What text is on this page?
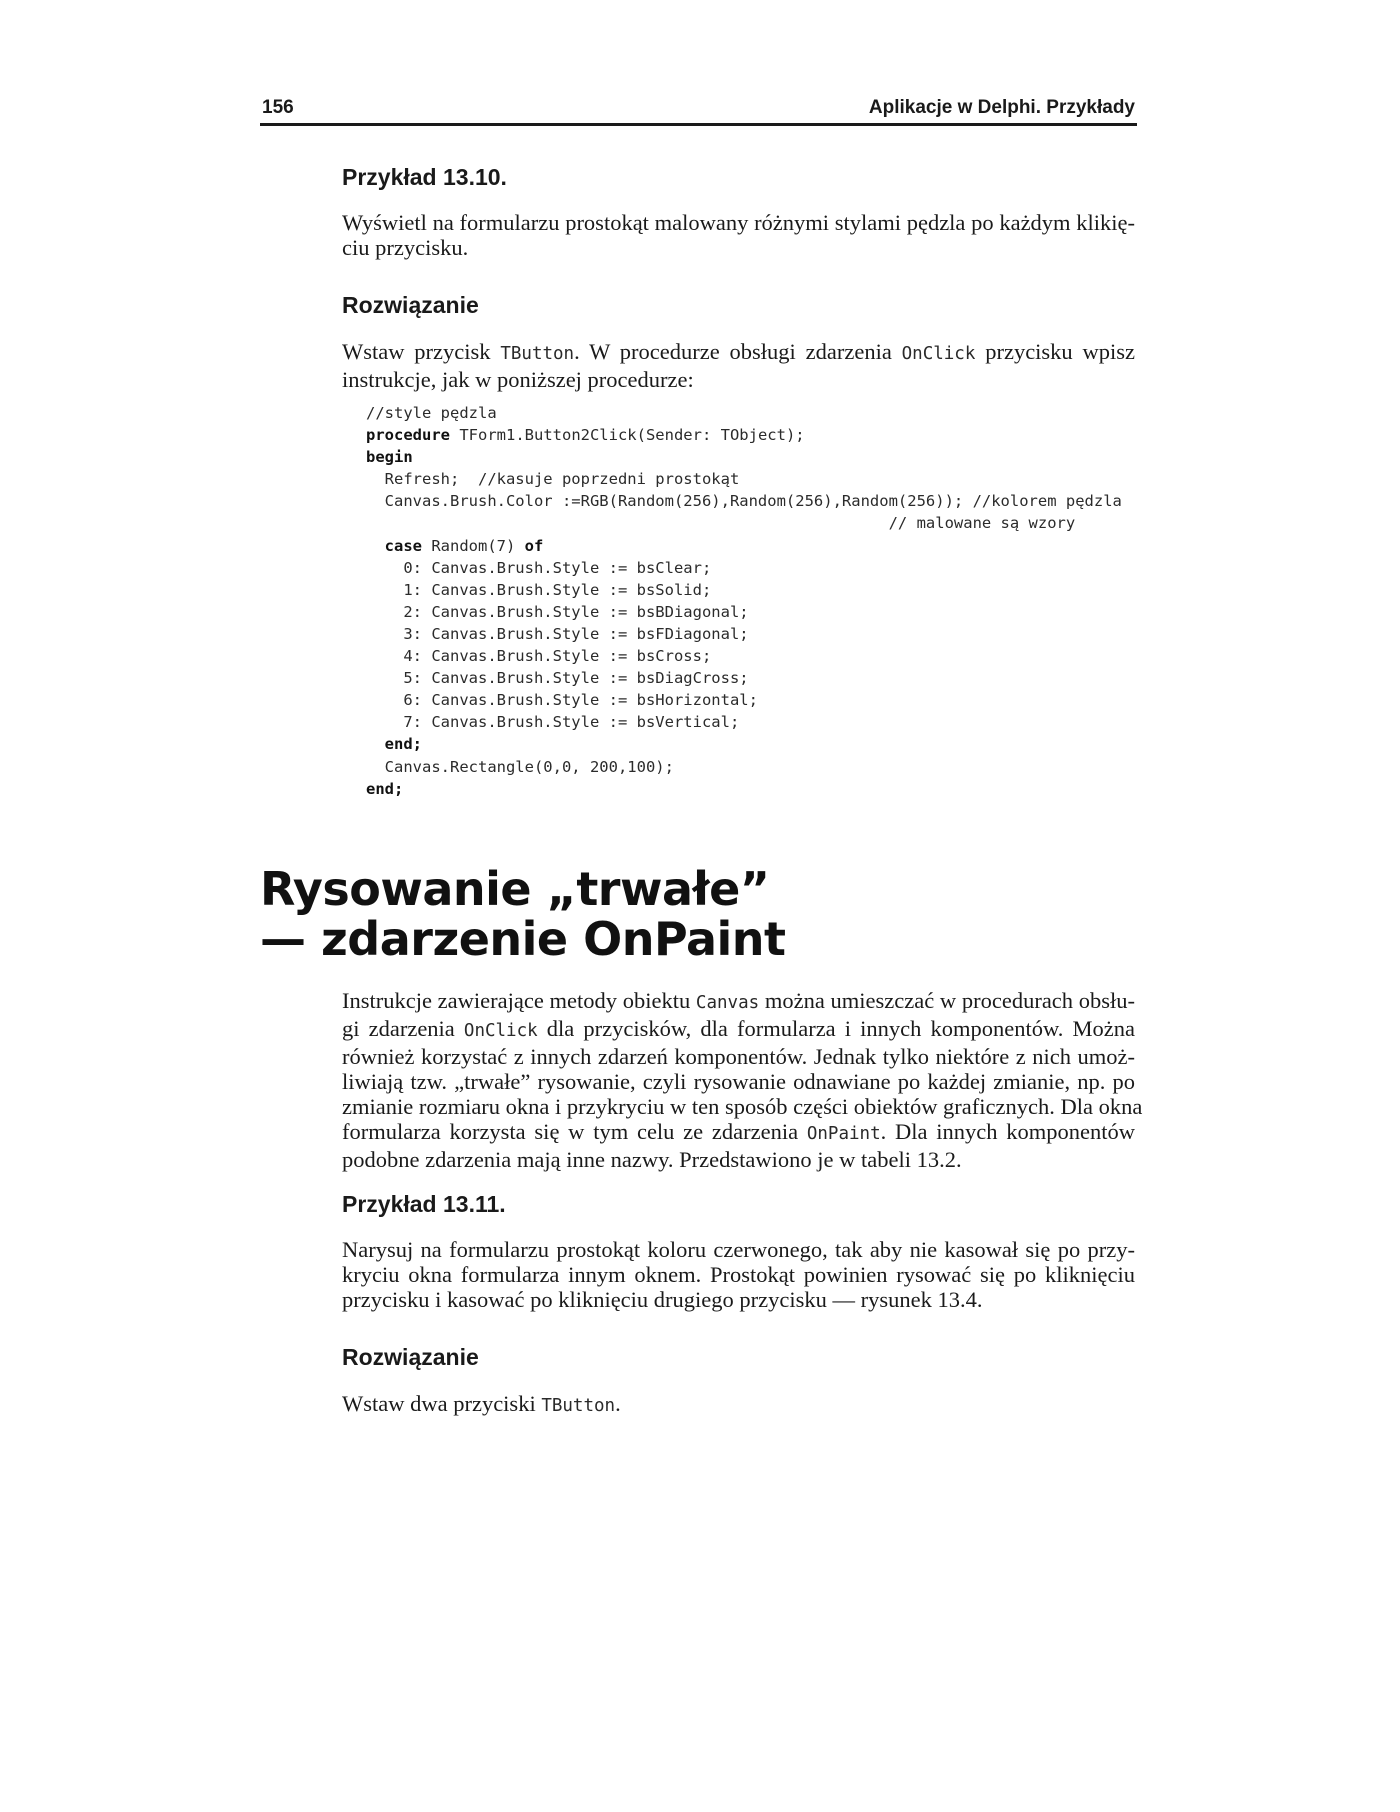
156	Aplikacje w Delphi. Przykłady
Przykład 13.10.
Wyświetl na formularzu prostokąt malowany różnymi stylami pędzla po każdym klikię-
ciu przycisku.
Rozwiązanie
Wstaw przycisk TButton. W procedurze obsługi zdarzenia OnClick przycisku wpisz
instrukcje, jak w poniższej procedurze:
//style pędzla
procedure TForm1.Button2Click(Sender: TObject);
begin
Refresh;  //kasuje poprzedni prostokąt
Canvas.Brush.Color :=RGB(Random(256),Random(256),Random(256)); //kolorem pędzla
// malowane są wzory
case Random(7) of
0: Canvas.Brush.Style := bsClear;
1: Canvas.Brush.Style := bsSolid;
2: Canvas.Brush.Style := bsBDiagonal;
3: Canvas.Brush.Style := bsFDiagonal;
4: Canvas.Brush.Style := bsCross;
5: Canvas.Brush.Style := bsDiagCross;
6: Canvas.Brush.Style := bsHorizontal;
7: Canvas.Brush.Style := bsVertical;
end;
Canvas.Rectangle(0,0, 200,100);
end;
Rysowanie „trwałe”
— zdarzenie OnPaint
Instrukcje zawierające metody obiektu Canvas można umieszczać w procedurach obsłu-
gi zdarzenia OnClick dla przycisków, dla formularza i innych komponentów. Można
również korzystać z innych zdarzeń komponentów. Jednak tylko niektóre z nich umoż-
liwiają tzw. „trwałe” rysowanie, czyli rysowanie odnawiane po każdej zmianie, np. po
zmianie rozmiaru okna i przykryciu w ten sposób części obiektów graficznych. Dla okna
formularza korzysta się w tym celu ze zdarzenia OnPaint. Dla innych komponentów
podobne zdarzenia mają inne nazwy. Przedstawiono je w tabeli 13.2.
Przykład 13.11.
Narysuj na formularzu prostokąt koloru czerwonego, tak aby nie kasował się po przy-
kryciu okna formularza innym oknem. Prostokąt powinien rysować się po kliknięciu
przycisku i kasować po kliknięciu drugiego przycisku — rysunek 13.4.
Rozwiązanie
Wstaw dwa przyciski TButton.
